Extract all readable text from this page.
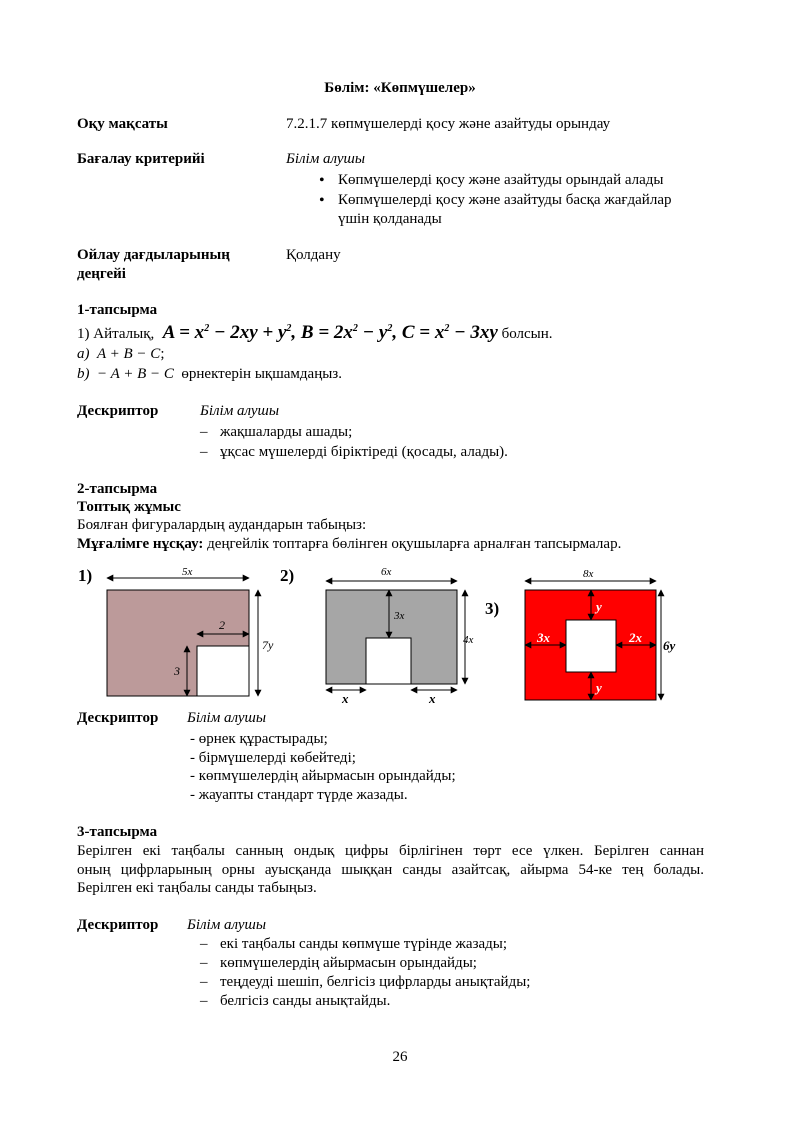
Бөлім: «Көпмүшелер»
Оқу мақсаты	7.2.1.7 көпмүшелерді қосу және азайтуды орындау
Бағалау критерийі	Білім алушы
• Көпмүшелерді қосу және азайтуды орындай алады
• Көпмүшелерді қосу және азайтуды басқа жағдайлар
үшін қолданады
Ойлау дағдыларының
деңгейі
Қолдану
1-тапсырма
1) Айталық,  $A = x^2 - 2xy + y^2$, $B = 2x^2 - y^2$, $C = x^2 - 3xy$ болсын.
a) A + B − C;
b) − A + B − C өрнектерін ықшамдаңыз.
Дескриптор	Білім алушы
– жақшаларды ашады;
– ұқсас мүшелерді біріктіреді (қосады, алады).
2-тапсырма
Топтық жұмыс
Боялған фигуралардың аудандарын табыңыз:
Мұғалімге нұсқау: деңгейлік топтарға бөлінген оқушыларға арналған тапсырмалар.
1)	5x
7y
2
3
2)	6x
4x
3x
x	x
3)
8x
6y
y
y
3x	2x
Дескриптор Білім алушы
- өрнек құрастырады;
- бірмүшелерді көбейтеді;
- көпмүшелердің айырмасын орындайды;
- жауапты стандарт түрде жазады.
3-тапсырма
Берілген екі таңбалы санның ондық цифры бірлігінен төрт есе үлкен. Берілген саннан
оның цифрларының орны ауысқанда шыққан санды азайтсақ, айырма 54-ке тең болады.
Берілген екі таңбалы санды табыңыз.
Дескриптор Білім алушы
– екі таңбалы санды көпмүше түрінде жазады;
– көпмүшелердің айырмасын орындайды;
– теңдеуді шешіп, белгісіз цифрларды анықтайды;
– белгісіз санды анықтайды.
26
